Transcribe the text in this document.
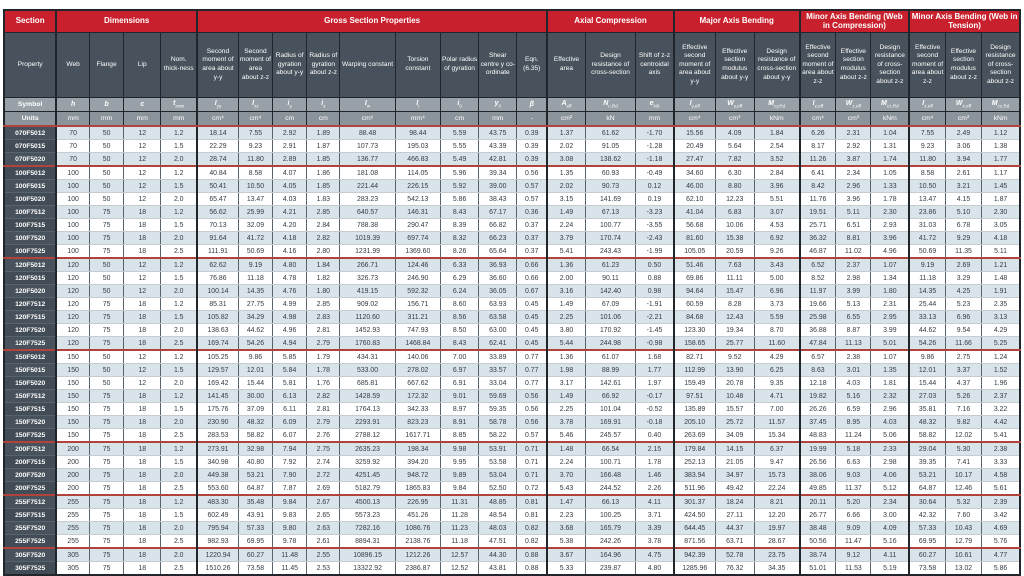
Section	Dimensions				Gross Section Properties									Axial Compression			Major Axis Bending			Minor Axis Bending (Web in Compression)			Minor Axis Bending (Web in Tension)		
Property	Web	Flange	Lip	Nom. thick-ness	Second moment of area about y-y	Second moment of area about z-z	Radius of gyration about y-y	Radius of gyration about z-z	Warping constant	Torsion constant	Polar radius of gyration	Shear centre y co-ordinate	Eqn. (6.35)	Effective area	Design resistance of cross-section	Shift of z-z centroidal axis	Effective second moment of area about y-y	Effective section modulus about y-y	Design resistance of cross-section about y-y	Effective second moment of area about z-z	Effective section modulus about z-z	Design resistance of cross-section about z-z	Effective second moment of area about z-z	Effective section modulus about z-z	Design resistance of cross-section about z-z
Symbol	h	b	c	$t_{nom}$	$I_{yy}$	$I_{zz}$	$i_y$	$i_z$	$I_w$	$I_t$	$i_0$	$y_0$	β	$A_{eff}$	$N_{c,Rd}$	$e_{N0}$	$I_{y,eff}$	$W_{y,eff}$	$M_{cy,Rd}$	$I_{z,eff}$	$W_{z,eff}$	$M_{cz,Rd}$	$I_{z,eff}$	$W_{z,eff}$	$M_{cz,Rd}$
Units	mm	mm	mm	mm	cm⁴	cm⁴	cm	cm	cm⁶	mm⁴	cm	mm	-	cm²	kN	mm	cm⁴	cm³	kNm	cm⁴	cm³	kNm	cm⁴	cm³	kNm
070F5012	70	50	12	1.2	18.14	7.55	2.92	1.89	88.48	98.44	5.59	43.75	0.39	1.37	61.62	-1.70	15.56	4.09	1.84	6.26	2.31	1.04	7.55	2.49	1.12
070F5015	70	50	12	1.5	22.29	9.23	2.91	1.87	107.73	195.03	5.55	43.39	0.39	2.02	91.05	-1.28	20.49	5.64	2.54	8.17	2.92	1.31	9.23	3.06	1.38
070F5020	70	50	12	2.0	28.74	11.80	2.89	1.85	136.77	466.83	5.49	42.81	0.39	3.08	138.62	-1.18	27.47	7.82	3.52	11.26	3.87	1.74	11.80	3.94	1.77
100F5012	100	50	12	1.2	40.84	8.58	4.07	1.86	181.08	114.05	5.96	39.34	0.56	1.35	60.93	-0.49	34.60	6.30	2.84	6.41	2.34	1.05	8.58	2.61	1.17
100F5015	100	50	12	1.5	50.41	10.50	4.05	1.85	221.44	226.15	5.92	39.00	0.57	2.02	90.73	0.12	46.00	8.80	3.96	8.42	2.96	1.33	10.50	3.21	1.45
100F5020	100	50	12	2.0	65.47	13.47	4.03	1.83	283.23	542.13	5.86	38.43	0.57	3.15	141.69	0.19	62.10	12.23	5.51	11.76	3.96	1.78	13.47	4.15	1.87
100F7512	100	75	18	1.2	56.62	25.99	4.21	2.85	640.57	146.31	8.43	67.17	0.36	1.49	67.13	-3.23	41.04	6.83	3.07	19.51	5.11	2.30	23.86	5.10	2.30
100F7515	100	75	18	1.5	70.13	32.09	4.20	2.84	788.38	290.47	8.39	66.82	0.37	2.24	100.77	-3.55	56.68	10.06	4.53	25.71	6.51	2.93	31.03	6.78	3.05
100F7520	100	75	18	2.0	91.64	41.72	4.18	2.82	1019.39	697.74	8.32	66.23	0.37	3.79	170.74	-2.43	81.60	15.38	6.92	36.32	8.81	3.96	41.72	9.29	4.18
100F7525	100	75	18	2.5	111.91	50.69	4.16	2.80	1231.99	1369.60	8.26	65.64	0.37	5.41	243.43	-1.99	105.05	20.59	9.26	46.87	11.02	4.96	50.69	11.35	5.11
120F5012	120	50	12	1.2	62.62	9.19	4.80	1.84	266.71	124.46	6.33	36.93	0.66	1.36	61.23	0.50	51.46	7.63	3.43	6.52	2.37	1.07	9.19	2.69	1.21
120F5015	120	50	12	1.5	76.86	11.18	4.78	1.82	326.73	246.90	6.29	36.60	0.66	2.00	90.11	0.88	69.86	11.11	5.00	8.52	2.98	1.34	11.18	3.29	1.48
120F5020	120	50	12	2.0	100.14	14.35	4.76	1.80	419.15	592.32	6.24	36.05	0.67	3.16	142.40	0.98	94.64	15.47	6.96	11.97	3.99	1.80	14.35	4.25	1.91
120F7512	120	75	18	1.2	85.31	27.75	4.99	2.85	909.02	156.71	8.60	63.93	0.45	1.49	67.09	-1.91	60.59	8.28	3.73	19.66	5.13	2.31	25.44	5.23	2.35
120F7515	120	75	18	1.5	105.82	34.29	4.98	2.83	1120.60	311.21	8.56	63.58	0.45	2.25	101.06	-2.21	84.68	12.43	5.59	25.98	6.55	2.95	33.13	6.96	3.13
120F7520	120	75	18	2.0	138.63	44.62	4.96	2.81	1452.93	747.93	8.50	63.00	0.45	3.80	170.92	-1.45	123.30	19.34	8.70	36.88	8.87	3.99	44.62	9.54	4.29
120F7525	120	75	18	2.5	169.74	54.26	4.94	2.79	1760.83	1468.84	8.43	62.41	0.45	5.44	244.98	-0.98	158.65	25.77	11.60	47.84	11.13	5.01	54.26	11.66	5.25
150F5012	150	50	12	1.2	105.25	9.86	5.85	1.79	434.31	140.06	7.00	33.89	0.77	1.36	61.07	1.68	82.71	9.52	4.29	6.57	2.38	1.07	9.86	2.75	1.24
150F5015	150	50	12	1.5	129.57	12.01	5.84	1.78	533.00	278.02	6.97	33.57	0.77	1.98	88.99	1.77	112.99	13.90	6.25	8.63	3.01	1.35	12.01	3.37	1.52
150F5020	150	50	12	2.0	169.42	15.44	5.81	1.76	685.81	667.62	6.91	33.04	0.77	3.17	142.61	1.97	159.49	20.78	9.35	12.18	4.03	1.81	15.44	4.37	1.96
150F7512	150	75	18	1.2	141.45	30.00	6.13	2.82	1428.59	172.32	9.01	59.69	0.56	1.49	66.92	-0.17	97.51	10.48	4.71	19.82	5.16	2.32	27.03	5.26	2.37
150F7515	150	75	18	1.5	175.76	37.09	6.11	2.81	1764.13	342.33	8.97	59.35	0.56	2.25	101.04	-0.52	135.89	15.57	7.00	26.26	6.59	2.96	35.81	7.16	3.22
150F7520	150	75	18	2.0	230.90	48.32	6.09	2.79	2293.91	823.23	8.91	58.78	0.56	3.78	169.91	-0.18	205.10	25.72	11.57	37.45	8.95	4.03	48.32	9.82	4.42
150F7525	150	75	18	2.5	283.53	58.82	6.07	2.76	2788.12	1617.71	8.85	58.22	0.57	5.46	245.57	0.40	263.69	34.09	15.34	48.83	11.24	5.06	58.82	12.02	5.41
200F7512	200	75	18	1.2	273.91	32.98	7.94	2.75	2635.23	198.34	9.98	53.91	0.71	1.48	66.54	2.15	179.84	14.15	6.37	19.99	5.18	2.33	29.04	5.30	2.38
200F7515	200	75	18	1.5	340.98	40.80	7.92	2.74	3259.92	394.20	9.95	53.58	0.71	2.24	100.71	1.78	252.13	21.05	9.47	26.56	6.63	2.98	39.35	7.41	3.33
200F7520	200	75	18	2.0	449.38	53.21	7.90	2.72	4251.45	948.72	9.89	53.04	0.71	3.70	166.48	1.46	383.94	34.97	15.73	38.06	9.03	4.06	53.21	10.17	4.58
200F7525	200	75	18	2.5	553.60	64.87	7.87	2.69	5182.79	1865.83	9.84	52.50	0.72	5.43	244.52	2.26	511.96	49.42	22.24	49.85	11.37	5.12	64.87	12.46	5.61
255F7512	255	75	18	1.2	483.30	35.48	9.84	2.67	4500.13	226.95	11.31	48.85	0.81	1.47	66.13	4.11	301.37	18.24	8.21	20.11	5.20	2.34	30.64	5.32	2.39
255F7515	255	75	18	1.5	602.49	43.91	9.83	2.65	5573.23	451.26	11.28	48.54	0.81	2.23	100.25	3.71	424.50	27.11	12.20	26.77	6.66	3.00	42.32	7.60	3.42
255F7520	255	75	18	2.0	795.94	57.33	9.80	2.63	7282.16	1086.76	11.23	48.03	0.82	3.68	165.79	3.39	644.45	44.37	19.97	38.48	9.09	4.09	57.33	10.43	4.69
255F7525	255	75	18	2.5	982.93	69.95	9.78	2.61	8894.31	2138.76	11.18	47.51	0.82	5.38	242.26	3.78	871.56	63.71	28.67	50.56	11.47	5.16	69.95	12.79	5.76
305F7520	305	75	18	2.0	1220.94	60.27	11.48	2.55	10896.15	1212.26	12.57	44.30	0.88	3.67	164.96	4.75	942.39	52.78	23.75	38.74	9.12	4.11	60.27	10.61	4.77
305F7525	305	75	18	2.5	1510.26	73.58	11.45	2.53	13322.92	2386.87	12.52	43.81	0.88	5.33	239.87	4.80	1285.96	76.32	34.35	51.01	11.53	5.19	73.58	13.02	5.86
